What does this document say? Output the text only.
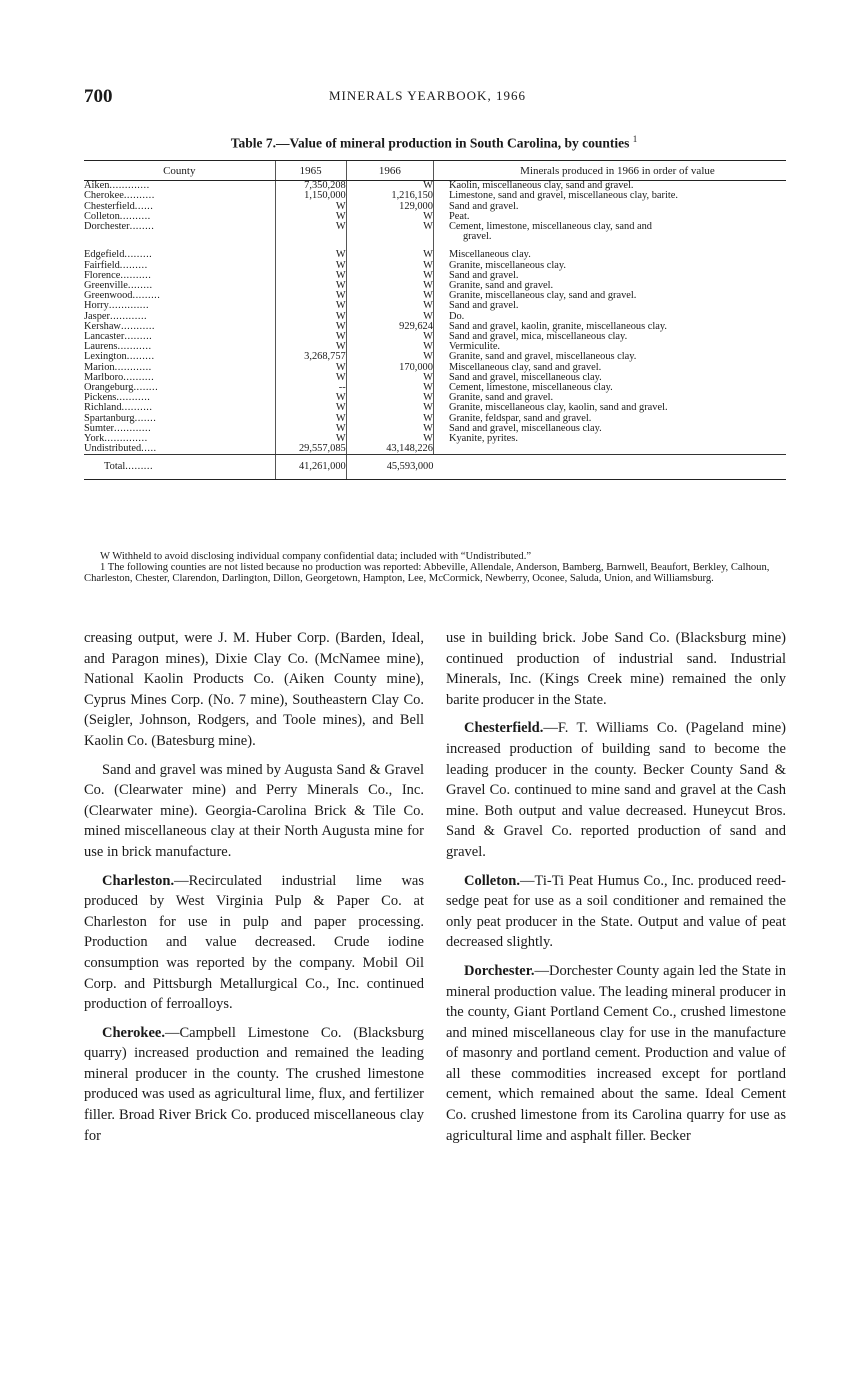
700	MINERALS YEARBOOK, 1966
Table 7.—Value of mineral production in South Carolina, by counties $^1$
County	1965	1966	Minerals produced in 1966 in order of value
Aiken.............	7,350,208	W	Kaolin, miscellaneous clay, sand and gravel.
Cherokee..........	1,150,000	1,216,150	Limestone, sand and gravel, miscellaneous clay, barite.
Chesterfield......	W	129,000	Sand and gravel.
Colleton..........	W	W	Peat.
Dorchester........	W	W	Cement, limestone, miscellaneous clay, sand and
gravel.
Edgefield.........	W	W	Miscellaneous clay.
Fairfield.........	W	W	Granite, miscellaneous clay.
Florence..........	W	W	Sand and gravel.
Greenville........	W	W	Granite, sand and gravel.
Greenwood.........	W	W	Granite, miscellaneous clay, sand and gravel.
Horry.............	W	W	Sand and gravel.
Jasper............	W	W	Do.
Kershaw...........	W	929,624	Sand and gravel, kaolin, granite, miscellaneous clay.
Lancaster.........	W	W	Sand and gravel, mica, miscellaneous clay.
Laurens...........	W	W	Vermiculite.
Lexington.........	3,268,757	W	Granite, sand and gravel, miscellaneous clay.
Marion............	W	170,000	Miscellaneous clay, sand and gravel.
Marlboro..........	W	W	Sand and gravel, miscellaneous clay.
Orangeburg........	--	W	Cement, limestone, miscellaneous clay.
Pickens...........	W	W	Granite, sand and gravel.
Richland..........	W	W	Granite, miscellaneous clay, kaolin, sand and gravel.
Spartanburg.......	W	W	Granite, feldspar, sand and gravel.
Sumter............	W	W	Sand and gravel, miscellaneous clay.
York..............	W	W	Kyanite, pyrites.
Undistributed.....	29,557,085	43,148,226	
Total.........	41,261,000	45,593,000	

W Withheld to avoid disclosing individual company confidential data; included with “Undistributed.”

1 The following counties are not listed because no production was reported: Abbeville, Allendale, Anderson, Bamberg, Barnwell, Beaufort, Berkley, Calhoun, Charleston, Chester, Clarendon, Darlington, Dillon, Georgetown, Hampton, Lee, McCormick, Newberry, Oconee, Saluda, Union, and Williamsburg.

creasing output, were J. M. Huber Corp. (Barden, Ideal, and Paragon mines), Dixie Clay Co. (McNamee mine), National Kaolin Products Co. (Aiken County mine), Cyprus Mines Corp. (No. 7 mine), Southeastern Clay Co. (Seigler, Johnson, Rodgers, and Toole mines), and Bell Kaolin Co. (Batesburg mine).

Sand and gravel was mined by Augusta Sand & Gravel Co. (Clearwater mine) and Perry Minerals Co., Inc. (Clearwater mine). Georgia-Carolina Brick & Tile Co. mined miscellaneous clay at their North Augusta mine for use in brick manufacture.

Charleston.—Recirculated industrial lime was produced by West Virginia Pulp & Paper Co. at Charleston for use in pulp and paper processing. Production and value decreased. Crude iodine consumption was reported by the company. Mobil Oil Corp. and Pittsburgh Metallurgical Co., Inc. continued production of ferroalloys.

Cherokee.—Campbell Limestone Co. (Blacksburg quarry) increased production and remained the leading mineral producer in the county. The crushed limestone produced was used as agricultural lime, flux, and fertilizer filler. Broad River Brick Co. produced miscellaneous clay for

use in building brick. Jobe Sand Co. (Blacksburg mine) continued production of industrial sand. Industrial Minerals, Inc. (Kings Creek mine) remained the only barite producer in the State.

Chesterfield.—F. T. Williams Co. (Pageland mine) increased production of building sand to become the leading producer in the county. Becker County Sand & Gravel Co. continued to mine sand and gravel at the Cash mine. Both output and value decreased. Huneycut Bros. Sand & Gravel Co. reported production of sand and gravel.

Colleton.—Ti-Ti Peat Humus Co., Inc. produced reed-sedge peat for use as a soil conditioner and remained the only peat producer in the State. Output and value of peat decreased slightly.

Dorchester.—Dorchester County again led the State in mineral production value. The leading mineral producer in the county, Giant Portland Cement Co., crushed limestone and mined miscellaneous clay for use in the manufacture of masonry and portland cement. Production and value of all these commodities increased except for portland cement, which remained about the same. Ideal Cement Co. crushed limestone from its Carolina quarry for use as agricultural lime and asphalt filler. Becker
